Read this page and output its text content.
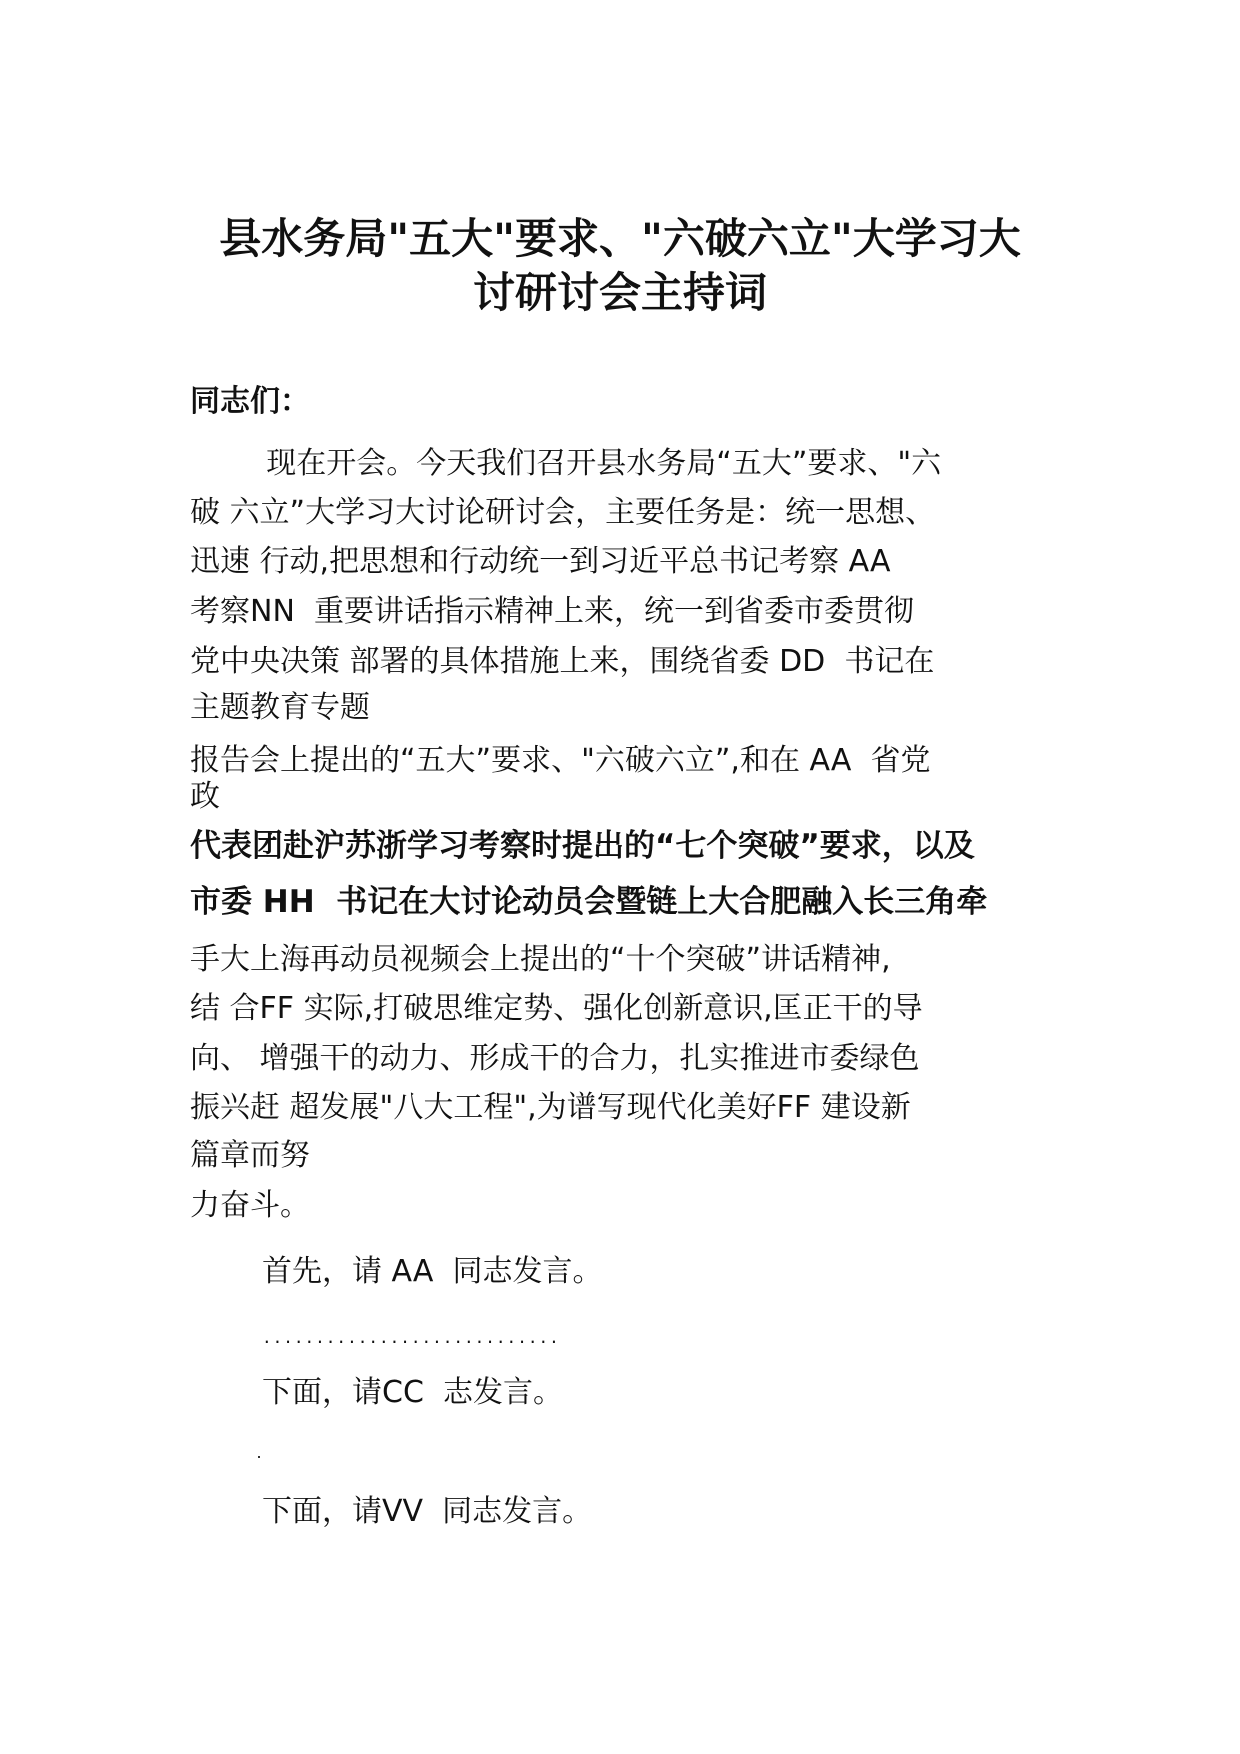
县水务局"五大"要求、"六破六立"大学习大
讨研讨会主持词
同志们：
现在开会。今天我们召开县水务局“五大”要求、"六
破 六立”大学习大讨论研讨会，主要任务是：统一思想、
迅速 行动,把思想和行动统一到习近平总书记考察 AA
考察NN  重要讲话指示精神上来，统一到省委市委贯彻
党中央决策 部署的具体措施上来，围绕省委 DD  书记在
主题教育专题
报告会上提出的“五大”要求、"六破六立”,和在 AA  省党
政
代表团赴沪苏浙学习考察时提出的“七个突破”要求，以及
市委 HH  书记在大讨论动员会暨链上大合肥融入长三角牵
手大上海再动员视频会上提出的“十个突破”讲话精神,
结 合FF 实际,打破思维定势、强化创新意识,匡正干的导
向、 增强干的动力、形成干的合力，扎实推进市委绿色
振兴赶 超发展"八大工程",为谱写现代化美好FF 建设新
篇章而努
力奋斗。
首先，请 AA  同志发言。
............................
下面，请CC  志发言。
下面，请VV  同志发言。
